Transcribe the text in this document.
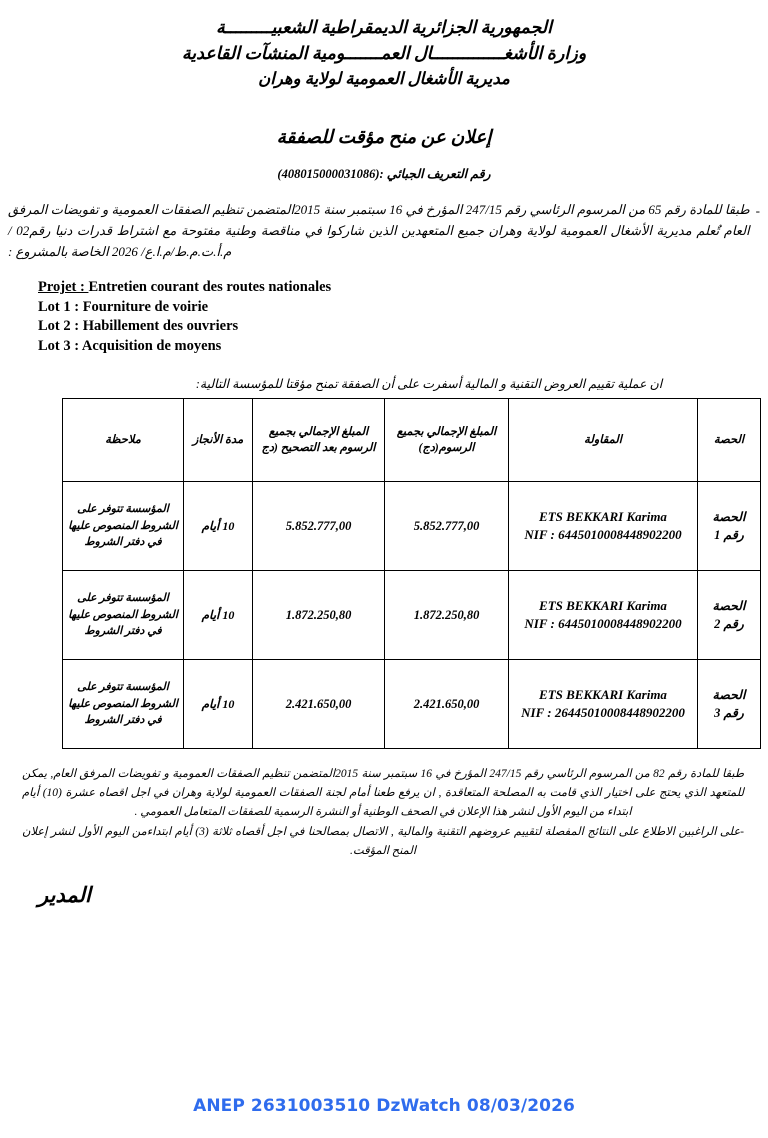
الجمهورية الجزائرية الديمقراطية الشعبيـــــــــة
وزارة الأشغــــــــــــــال العمـــــــومية المنشآت القاعدية
مديرية الأشغال العمومية لولاية وهران
إعلان عن منح مؤقت للصفقة
رقم التعريف الجبائي :(408015000031086)
-
طبقا للمادة رقم 65 من المرسوم الرئاسي رقم 247/15 المؤرخ في 16 سبتمبر سنة 2015المتضمن تنظيم الصفقات العمومية و تفويضات المرفق العام تٌعلم مديرية الأشغال العمومية لولاية وهران جميع المتعهدين الذين شاركوا في مناقصة وطنية مفتوحة مع اشتراط قدرات دنيا رقم02 / م.أ.ت.م.ط/م.ا.ع/ 2026 الخاصة بالمشروع :
Projet : Entretien courant des routes nationales
Lot 1 : Fourniture de voirie
Lot 2 : Habillement des ouvriers
Lot 3 : Acquisition de moyens
ان عملية تقييم العروض التقنية و المالية أسفرت على أن الصفقة تمنح مؤقتا للمؤسسة التالية:
الحصة	المقاولة	المبلغ الإجمالي بجميع الرسوم(دج)	المبلغ الإجمالي بجميع الرسوم بعد التصحيح (دج	مدة الأنجاز	ملاحظة

الحصة رقم 1	ETS BEKKARI Karima
NIF : 6445010008448902200	5.852.777,00	5.852.777,00	10 أيام	المؤسسة تتوفر على الشروط المنصوص عليها في دفتر الشروط

الحصة رقم 2	ETS BEKKARI Karima
NIF : 6445010008448902200	1.872.250,80	1.872.250,80	10 أيام	المؤسسة تتوفر على الشروط المنصوص عليها في دفتر الشروط

الحصة رقم 3	ETS BEKKARI Karima
NIF : 26445010008448902200	2.421.650,00	2.421.650,00	10 أيام	المؤسسة تتوفر على الشروط المنصوص عليها في دفتر الشروط
طبقا للمادة رقم 82 من المرسوم الرئاسي رقم 247/15 المؤرخ في 16 سبتمبر سنة 2015المتضمن تنظيم الصفقات العمومية و تفويضات المرفق العام, يمكن للمتعهد الذي يحتج على اختيار الذي قامت به المصلحة المتعاقدة , ان يرفع طعنا أمام لجنة الصفقات العمومية لولاية وهران في اجل اقصاه عشرة (10) أيام ابتداء من اليوم الأول لنشر هذا الإعلان في الصحف الوطنية أو النشرة الرسمية للصفقات المتعامل العمومي .
-على الراغبين الاطلاع على النتائج المفصلة لتقييم عروضهم التقنية والمالية , الاتصال بمصالحنا في اجل أقصاه ثلاثة (3) أيام ابتداءمن اليوم الأول لنشر إعلان المنح المؤقت.
المدير
ANEP 2631003510 DzWatch 08/03/2026
